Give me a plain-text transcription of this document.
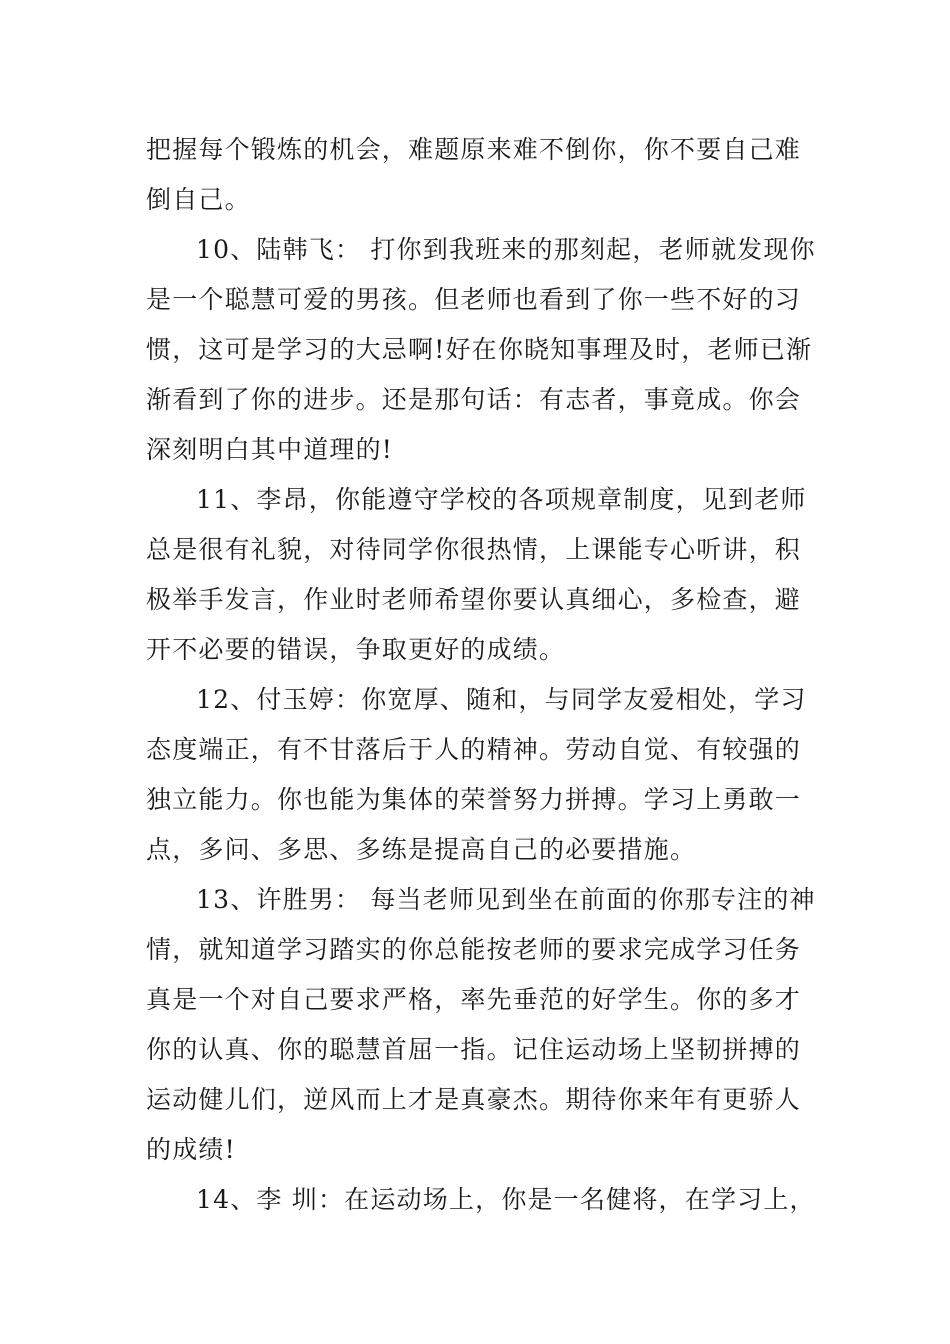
把握每个锻炼的机会，难题原来难不倒你，你不要自己难
倒自己。
10、陆韩飞： 打你到我班来的那刻起，老师就发现你
是一个聪慧可爱的男孩。但老师也看到了你一些不好的习
惯，这可是学习的大忌啊!好在你晓知事理及时，老师已渐
渐看到了你的进步。还是那句话：有志者，事竟成。你会
深刻明白其中道理的!
11、李昂，你能遵守学校的各项规章制度，见到老师
总是很有礼貌，对待同学你很热情，上课能专心听讲，积
极举手发言，作业时老师希望你要认真细心，多检查，避
开不必要的错误，争取更好的成绩。
12、付玉婷：你宽厚、随和，与同学友爱相处，学习
态度端正，有不甘落后于人的精神。劳动自觉、有较强的
独立能力。你也能为集体的荣誉努力拼搏。学习上勇敢一
点，多问、多思、多练是提高自己的必要措施。
13、许胜男： 每当老师见到坐在前面的你那专注的神
情，就知道学习踏实的你总能按老师的要求完成学习任务
真是一个对自己要求严格，率先垂范的好学生。你的多才
你的认真、你的聪慧首屈一指。记住运动场上坚韧拼搏的
运动健儿们，逆风而上才是真豪杰。期待你来年有更骄人
的成绩!
14、李 圳：在运动场上，你是一名健将，在学习上，
